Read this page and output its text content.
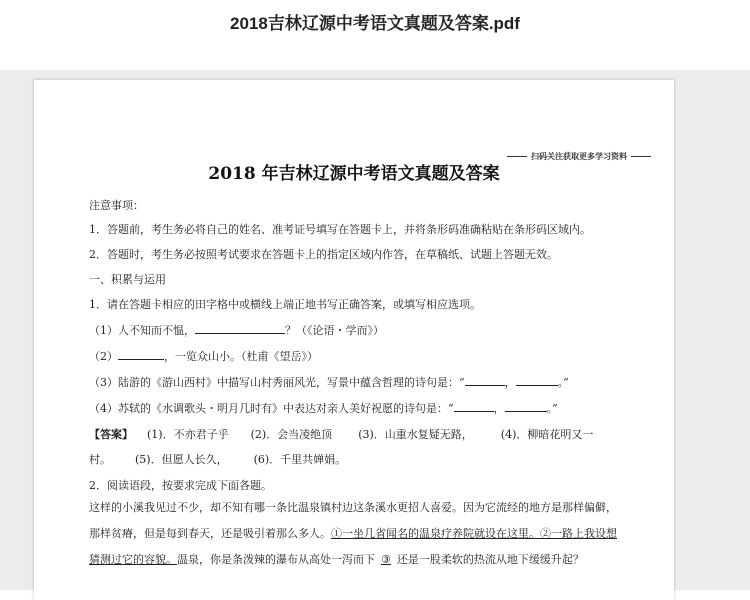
2018吉林辽源中考语文真题及答案.pdf
扫码关注获取更多学习资料
2018 年吉林辽源中考语文真题及答案
注意事项：
1．答题前，考生务必将自己的姓名、准考证号填写在答题卡上，并将条形码准确粘贴在条形码区域内。
2．答题时，考生务必按照考试要求在答题卡上的指定区域内作答，在草稿纸、试题上答题无效。
一、积累与运用
1．请在答题卡相应的田字格中或横线上端正地书写正确答案，或填写相应选项。
（1）人不知而不愠，	？（《论语・学而》）
（2）	，一览众山小。（杜甫《望岳》）
（3）陆游的《游山西村》中描写山村秀丽风光，写景中蕴含哲理的诗句是：“	，	。”
（4）苏轼的《水调歌头・明月几时有》中表达对亲人美好祝愿的诗句是：“	，	。”
【答案】 (1)．不亦君子乎 (2)．会当凌绝顶 (3)．山重水复疑无路，	(4)．柳暗花明又一
村。 (5)．但愿人长久， (6)．千里共婵娟。
2．阅读语段，按要求完成下面各题。
这样的小溪我见过不少，却不知有哪一条比温泉镇村边这条溪水更招人喜爱。因为它流经的地方是那样偏僻，那样贫瘠，但是每到春天，还是吸引着那么多人。①一坐几省闻名的温泉疗养院就设在这里。②一路上我设想猜测过它的容貌。温泉，你是条泼辣的瀑布从高处一泻而下 ③ 还是一股柔软的热流从地下缓缓升起？
